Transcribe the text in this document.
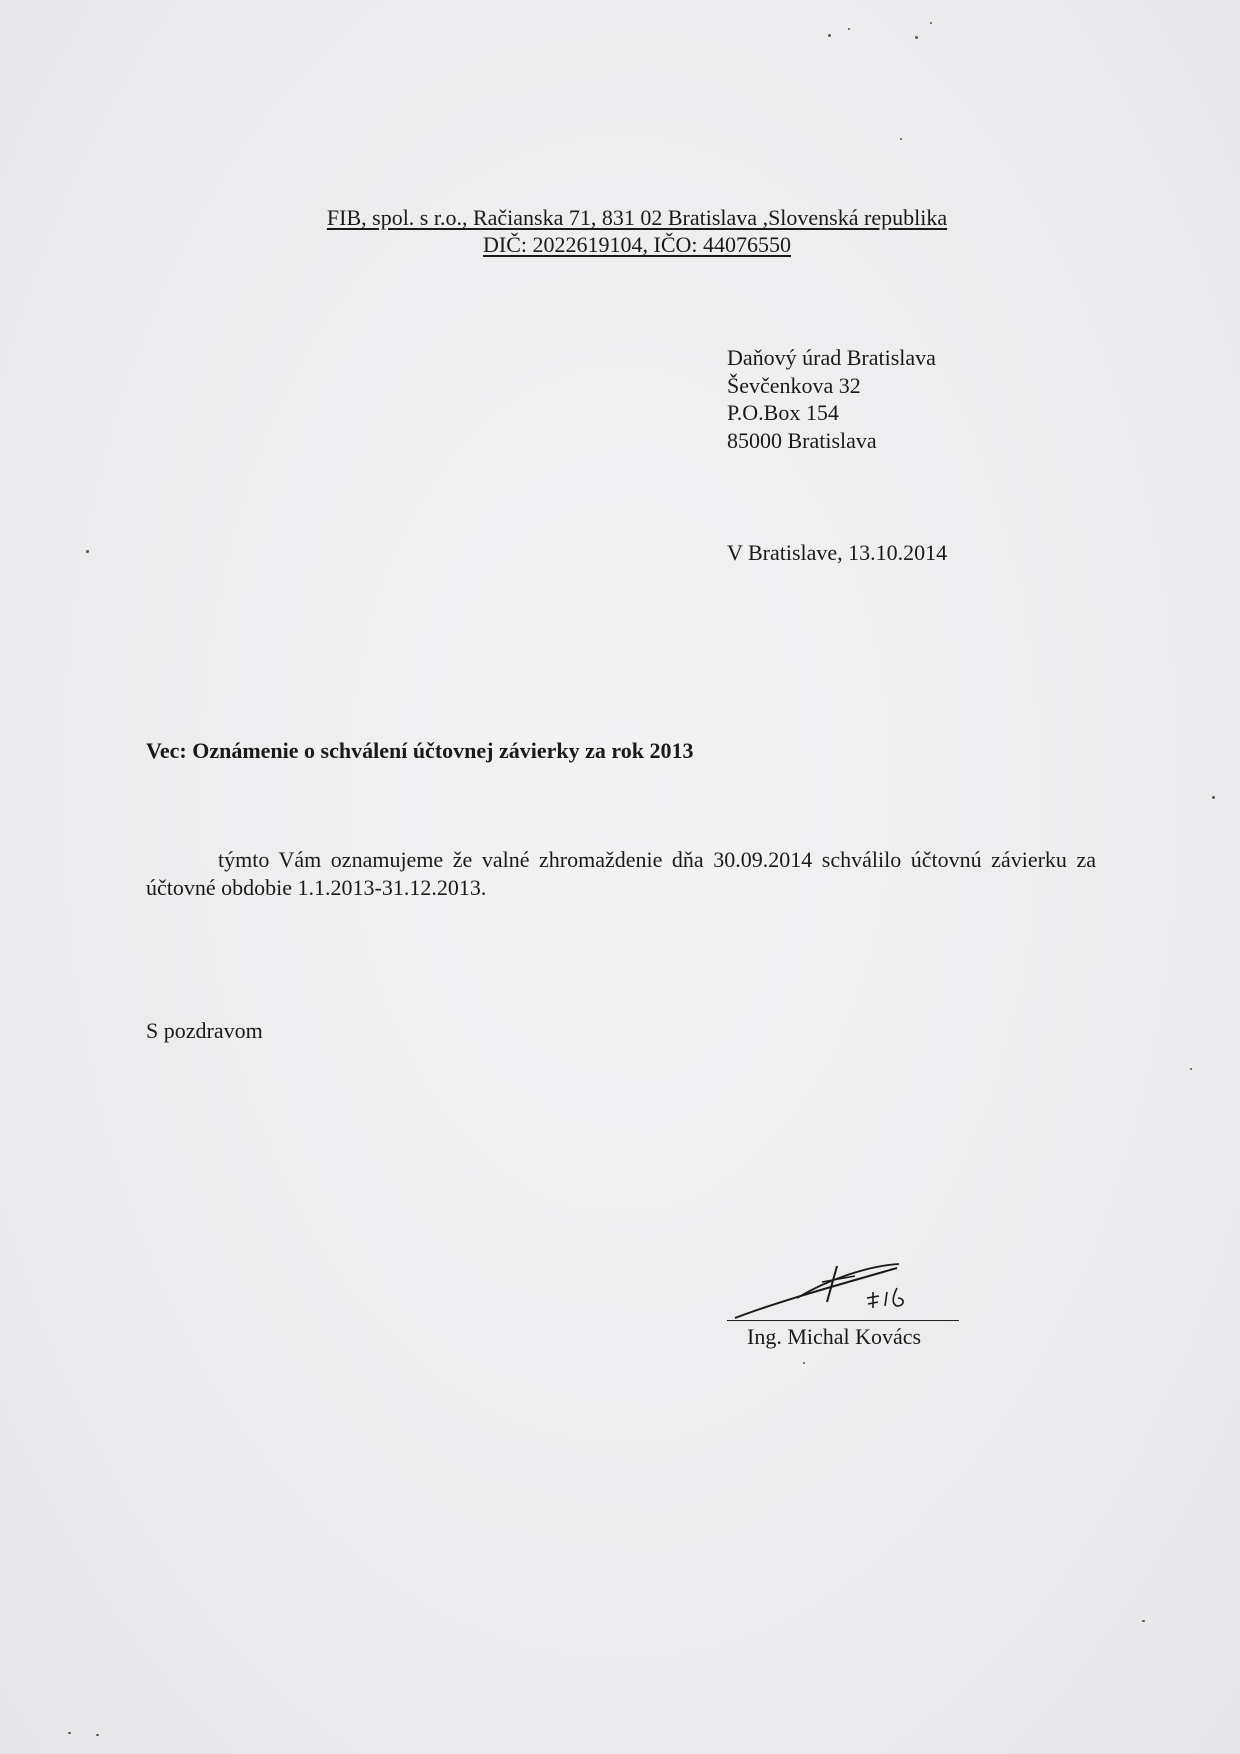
FIB, spol. s r.o., Račianska 71, 831 02 Bratislava ,Slovenská republika
DIČ: 2022619104, IČO: 44076550
Daňový úrad Bratislava
Ševčenkova 32
P.O.Box 154
85000 Bratislava
V Bratislave, 13.10.2014
Vec: Oznámenie o schválení účtovnej závierky za rok 2013
týmto Vám oznamujeme že valné zhromaždenie dňa 30.09.2014 schválilo účtovnú závierku za účtovné obdobie 1.1.2013-31.12.2013.
S pozdravom
Ing. Michal Kovács
